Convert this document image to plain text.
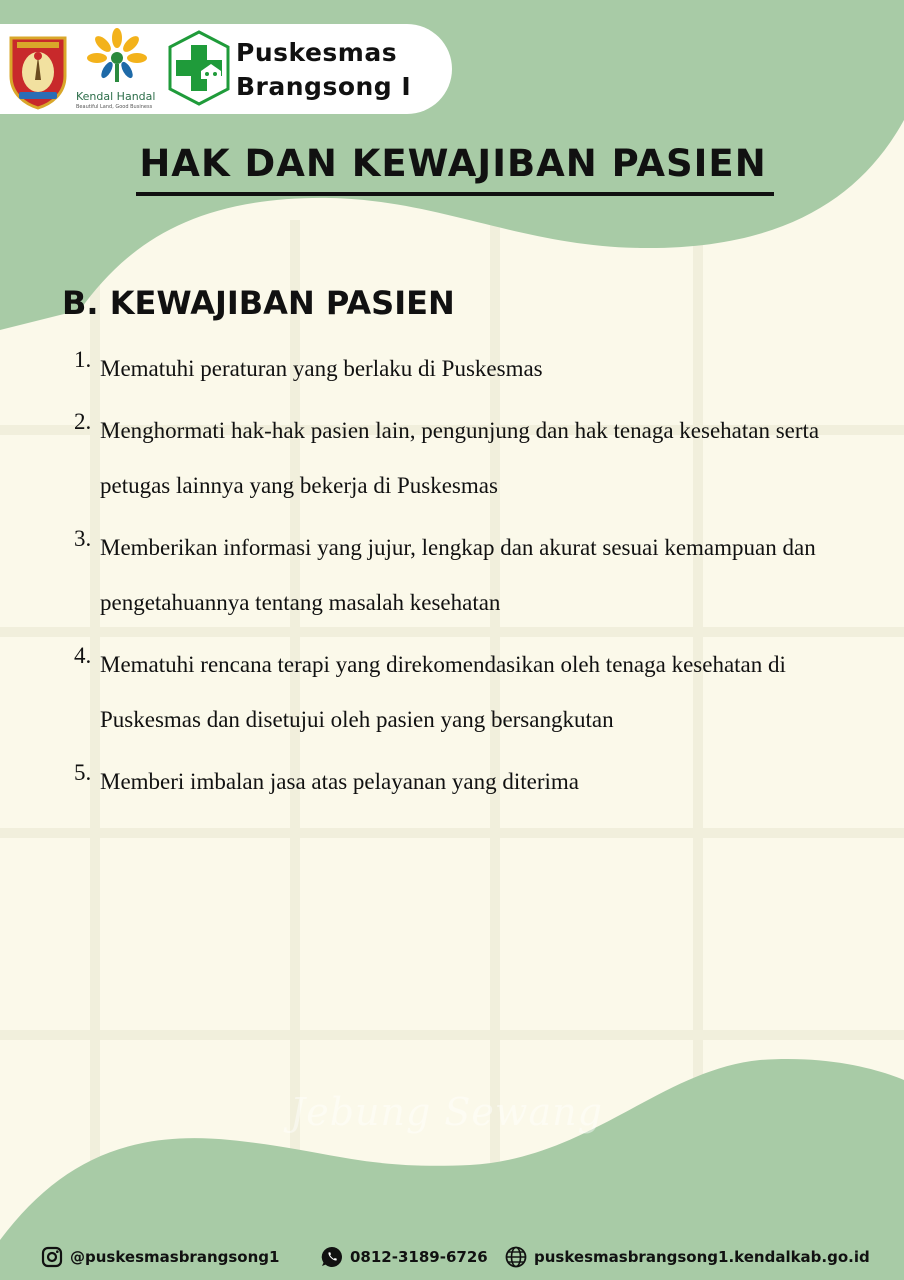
Kendal Handal
Beautiful Land, Good Business
Puskesmas
Brangsong I
HAK DAN KEWAJIBAN PASIEN
B. KEWAJIBAN PASIEN
1. Mematuhi peraturan yang berlaku di Puskesmas
2. Menghormati hak-hak pasien lain, pengunjung dan hak tenaga kesehatan serta petugas lainnya yang bekerja di Puskesmas
3. Memberikan informasi yang jujur, lengkap dan akurat sesuai kemampuan dan pengetahuannya tentang masalah kesehatan
4. Mematuhi rencana terapi yang direkomendasikan oleh tenaga kesehatan di Puskesmas dan disetujui oleh pasien yang bersangkutan
5. Memberi imbalan jasa atas pelayanan yang diterima
Jebung Sewang
@puskesmasbrangsong1	0812-3189-6726	puskesmasbrangsong1.kendalkab.go.id
